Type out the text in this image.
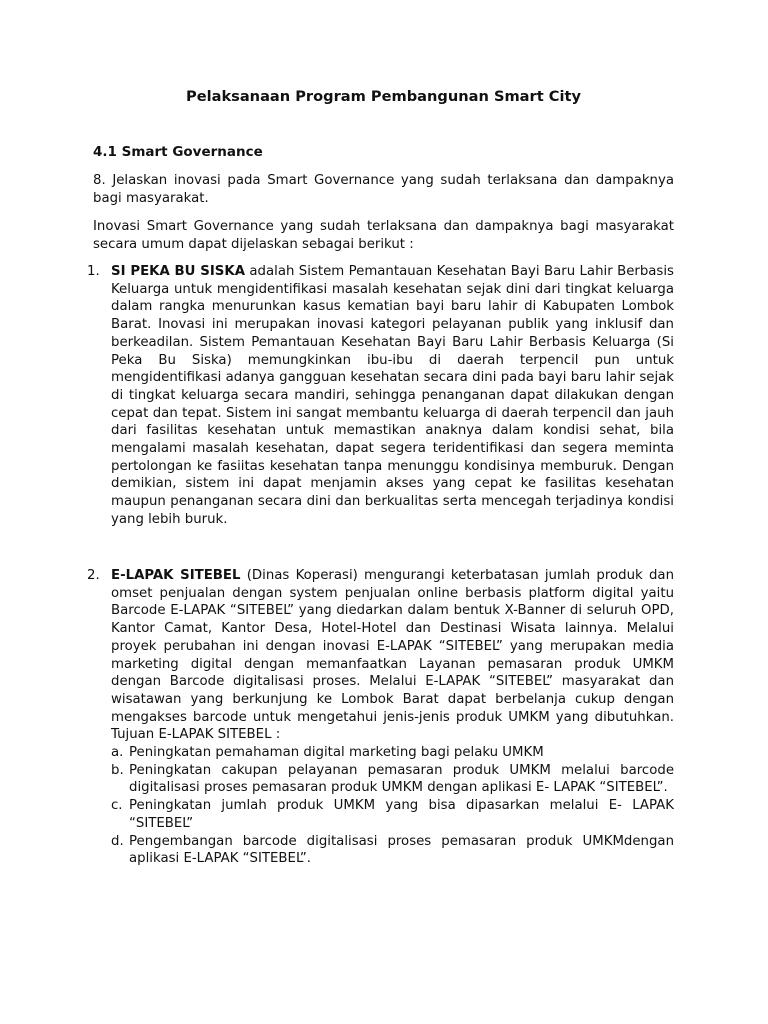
Pelaksanaan Program Pembangunan Smart City
4.1 Smart Governance
8. Jelaskan inovasi pada Smart Governance yang sudah terlaksana dan dampaknya bagi masyarakat.
Inovasi Smart Governance yang sudah terlaksana dan dampaknya bagi masyarakat secara umum dapat dijelaskan sebagai berikut :
1. SI PEKA BU SISKA adalah Sistem Pemantauan Kesehatan Bayi Baru Lahir Berbasis Keluarga untuk mengidentifikasi masalah kesehatan sejak dini dari tingkat keluarga dalam rangka menurunkan kasus kematian bayi baru lahir di Kabupaten Lombok Barat. Inovasi ini merupakan inovasi kategori pelayanan publik yang inklusif dan berkeadilan. Sistem Pemantauan Kesehatan Bayi Baru Lahir Berbasis Keluarga (Si Peka Bu Siska) memungkinkan ibu-ibu di daerah terpencil pun untuk mengidentifikasi adanya gangguan kesehatan secara dini pada bayi baru lahir sejak di tingkat keluarga secara mandiri, sehingga penanganan dapat dilakukan dengan cepat dan tepat. Sistem ini sangat membantu keluarga di daerah terpencil dan jauh dari fasilitas kesehatan untuk memastikan anaknya dalam kondisi sehat, bila mengalami masalah kesehatan, dapat segera teridentifikasi dan segera meminta pertolongan ke fasiitas kesehatan tanpa menunggu kondisinya memburuk. Dengan demikian, sistem ini dapat menjamin akses yang cepat ke fasilitas kesehatan maupun penanganan secara dini dan berkualitas serta mencegah terjadinya kondisi yang lebih buruk.
2. E-LAPAK SITEBEL (Dinas Koperasi) mengurangi keterbatasan jumlah produk dan omset penjualan dengan system penjualan online berbasis platform digital yaitu Barcode E-LAPAK “SITEBEL” yang diedarkan dalam bentuk X-Banner di seluruh OPD, Kantor Camat, Kantor Desa, Hotel-Hotel dan Destinasi Wisata lainnya. Melalui proyek perubahan ini dengan inovasi E-LAPAK “SITEBEL” yang merupakan media marketing digital dengan memanfaatkan Layanan pemasaran produk UMKM dengan Barcode digitalisasi proses. Melalui E-LAPAK “SITEBEL” masyarakat dan wisatawan yang berkunjung ke Lombok Barat dapat berbelanja cukup dengan mengakses barcode untuk mengetahui jenis-jenis produk UMKM yang dibutuhkan. Tujuan E-LAPAK SITEBEL :
a. Peningkatan pemahaman digital marketing bagi pelaku UMKM
b. Peningkatan cakupan pelayanan pemasaran produk UMKM melalui barcode digitalisasi proses pemasaran produk UMKM dengan aplikasi E- LAPAK “SITEBEL”.
c. Peningkatan jumlah produk UMKM yang bisa dipasarkan melalui E- LAPAK “SITEBEL”
d. Pengembangan barcode digitalisasi proses pemasaran produk UMKMdengan aplikasi E-LAPAK “SITEBEL”.
